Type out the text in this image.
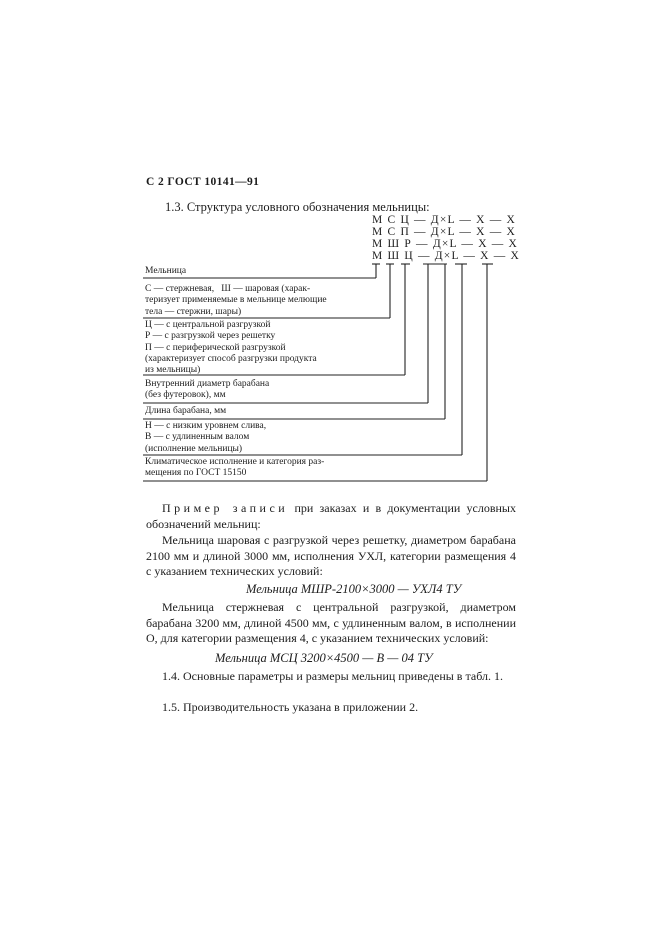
С 2 ГОСТ 10141—91
1.3. Структура условного обозначения мельницы:
М С Ц — Д×L — Х — Х
М С П — Д×L — Х — Х
М Ш Р — Д×L — Х — Х
М Ш Ц — Д×L — Х — Х
Мельница
С — стержневая,   Ш — шаровая (харак-
теризует применяемые в мельнице мелющие
тела — стержни, шары)
Ц — с центральной разгрузкой
Р — с разгрузкой через решетку
П — с периферической разгрузкой
(характеризует способ разгрузки продукта
из мельницы)
Внутренний диаметр барабана
(без футеровок), мм
Длина барабана, мм
Н — с низким уровнем слива,
В — с удлиненным валом
(исполнение мельницы)
Климатическое исполнение и категория раз-
мещения по ГОСТ 15150
Пример записи при заказах и в документации условных обозначений мельниц:
Мельница шаровая с разгрузкой через решетку, диаметром барабана 2100 мм и длиной 3000 мм, исполнения УХЛ, категории размещения 4 с указанием технических условий:
Мельница МШР-2100×3000 — УХЛ4 ТУ
Мельница стержневая с центральной разгрузкой, диаметром барабана 3200 мм, длиной 4500 мм, с удлиненным валом, в исполнении О, для категории размещения 4, с указанием технических условий:
Мельница МСЦ 3200×4500 — В — 04 ТУ
1.4. Основные параметры и размеры мельниц приведены в табл. 1.
1.5. Производительность указана в приложении 2.
